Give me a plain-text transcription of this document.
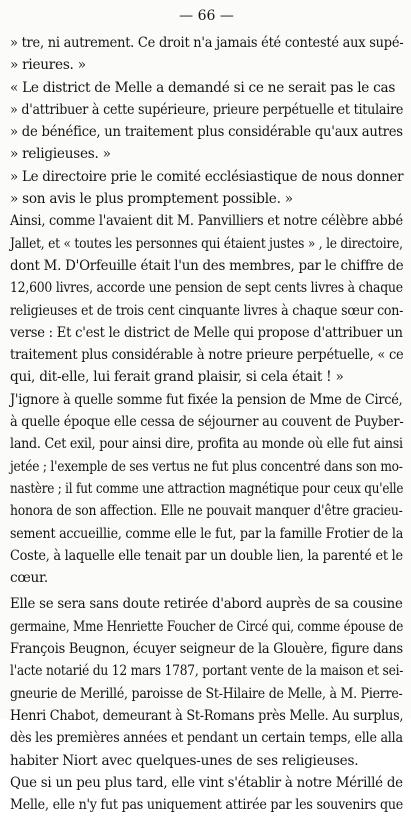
— 66 —
» tre, ni autrement. Ce droit n'a jamais été contesté aux supé-
» rieures. »
« Le district de Melle a demandé si ce ne serait pas le cas
» d'attribuer à cette supérieure, prieure perpétuelle et titulaire
» de bénéfice, un traitement plus considérable qu'aux autres
» religieuses. »
» Le directoire prie le comité ecclésiastique de nous donner
» son avis le plus promptement possible. »
Ainsi, comme l'avaient dit M. Panvilliers et notre célèbre abbé
Jallet, et « toutes les personnes qui étaient justes » , le directoire,
dont M. D'Orfeuille était l'un des membres, par le chiffre de
12,600 livres, accorde une pension de sept cents livres à chaque
religieuses et de trois cent cinquante livres à chaque sœur con-
verse : Et c'est le district de Melle qui propose d'attribuer un
traitement plus considérable à notre prieure perpétuelle, « ce
qui, dit-elle, lui ferait grand plaisir, si cela était ! »
J'ignore à quelle somme fut fixée la pension de Mme de Circé,
à quelle époque elle cessa de séjourner au couvent de Puyber-
land. Cet exil, pour ainsi dire, profita au monde où elle fut ainsi
jetée ; l'exemple de ses vertus ne fut plus concentré dans son mo-
nastère ; il fut comme une attraction magnétique pour ceux qu'elle
honora de son affection. Elle ne pouvait manquer d'être gracieu-
sement accueillie, comme elle le fut, par la famille Frotier de la
Coste, à laquelle elle tenait par un double lien, la parenté et le
cœur.
Elle se sera sans doute retirée d'abord auprès de sa cousine
germaine, Mme Henriette Foucher de Circé qui, comme épouse de
François Beugnon, écuyer seigneur de la Glouère, figure dans
l'acte notarié du 12 mars 1787, portant vente de la maison et sei-
gneurie de Merillé, paroisse de St-Hilaire de Melle, à M. Pierre-
Henri Chabot, demeurant à St-Romans près Melle. Au surplus,
dès les premières années et pendant un certain temps, elle alla
habiter Niort avec quelques-unes de ses religieuses.
Que si un peu plus tard, elle vint s'établir à notre Mérillé de
Melle, elle n'y fut pas uniquement attirée par les souvenirs que
